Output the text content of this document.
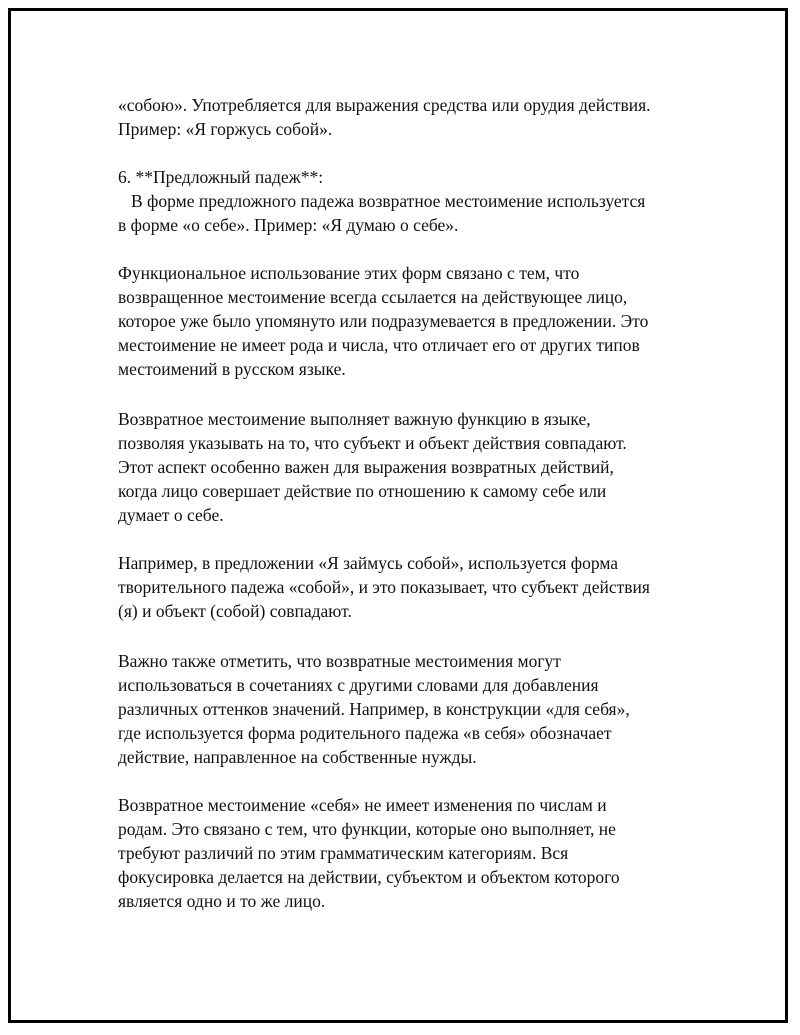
«собою». Употребляется для выражения средства или орудия действия.
Пример: «Я горжусь собой».
6. **Предложный падеж**:
В форме предложного падежа возвратное местоимение используется
в форме «о себе». Пример: «Я думаю о себе».
Функциональное использование этих форм связано с тем, что
возвращенное местоимение всегда ссылается на действующее лицо,
которое уже было упомянуто или подразумевается в предложении. Это
местоимение не имеет рода и числа, что отличает его от других типов
местоимений в русском языке.
Возвратное местоимение выполняет важную функцию в языке,
позволяя указывать на то, что субъект и объект действия совпадают.
Этот аспект особенно важен для выражения возвратных действий,
когда лицо совершает действие по отношению к самому себе или
думает о себе.
Например, в предложении «Я займусь собой», используется форма
творительного падежа «собой», и это показывает, что субъект действия
(я) и объект (собой) совпадают.
Важно также отметить, что возвратные местоимения могут
использоваться в сочетаниях с другими словами для добавления
различных оттенков значений. Например, в конструкции «для себя»,
где используется форма родительного падежа «в себя» обозначает
действие, направленное на собственные нужды.
Возвратное местоимение «себя» не имеет изменения по числам и
родам. Это связано с тем, что функции, которые оно выполняет, не
требуют различий по этим грамматическим категориям. Вся
фокусировка делается на действии, субъектом и объектом которого
является одно и то же лицо.
